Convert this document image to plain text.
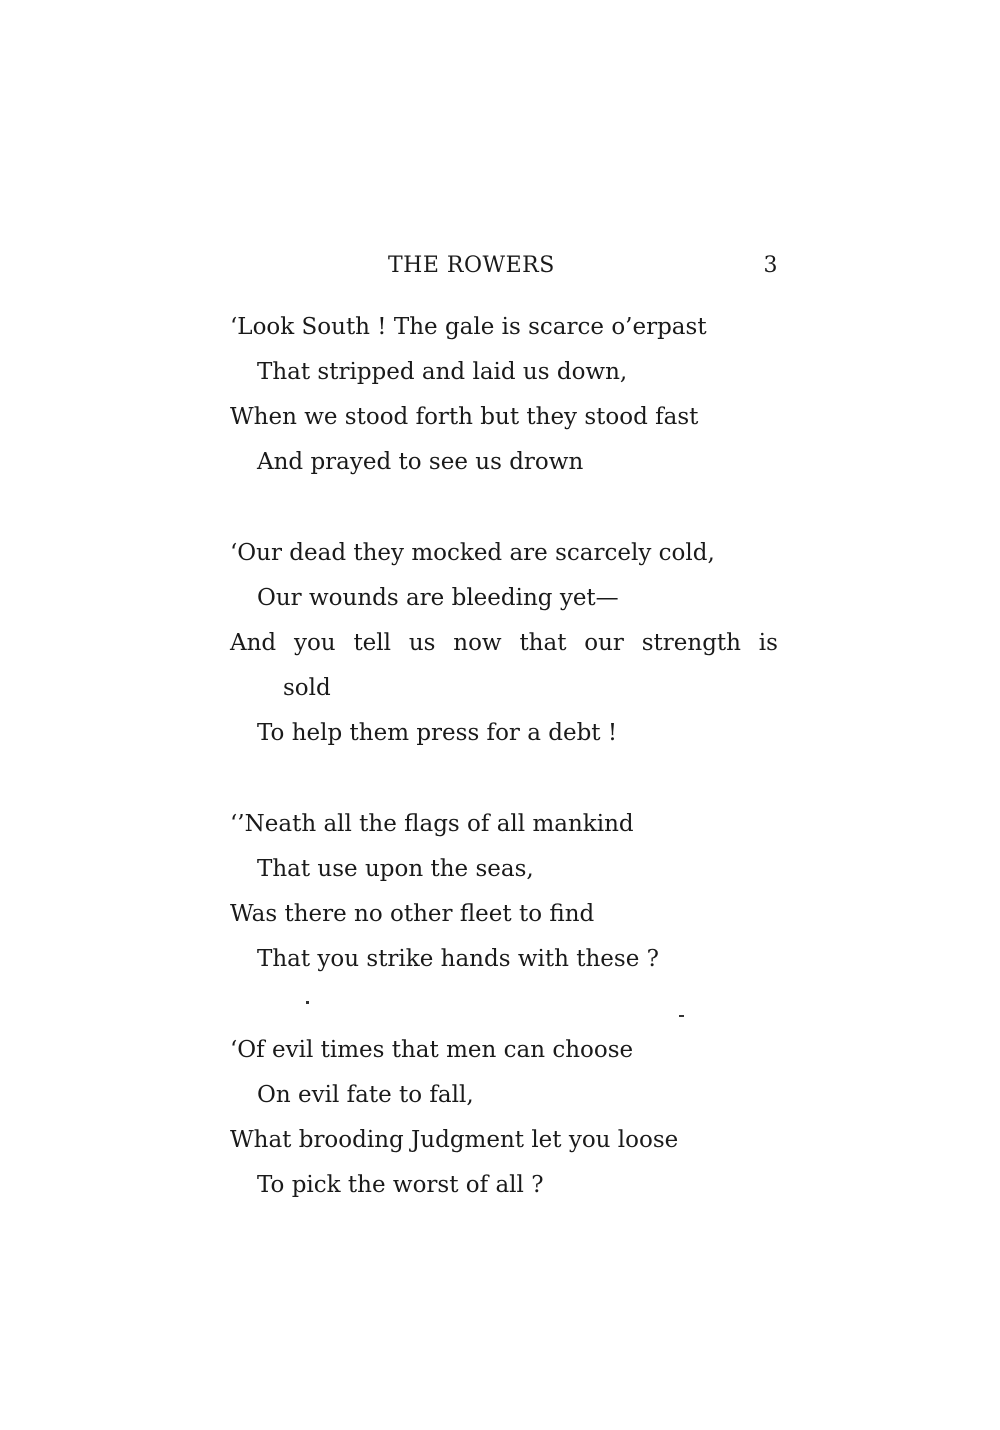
THE ROWERS	3
‘Look South ! The gale is scarce o’erpast
That stripped and laid us down,
When we stood forth but they stood fast
And prayed to see us drown
‘Our dead they mocked are scarcely cold,
Our wounds are bleeding yet—
And you tell us now that our strength is
sold
To help them press for a debt !
‘’Neath all the flags of all mankind
That use upon the seas,
Was there no other fleet to find
That you strike hands with these ?
‘Of evil times that men can choose
On evil fate to fall,
What brooding Judgment let you loose
To pick the worst of all ?
